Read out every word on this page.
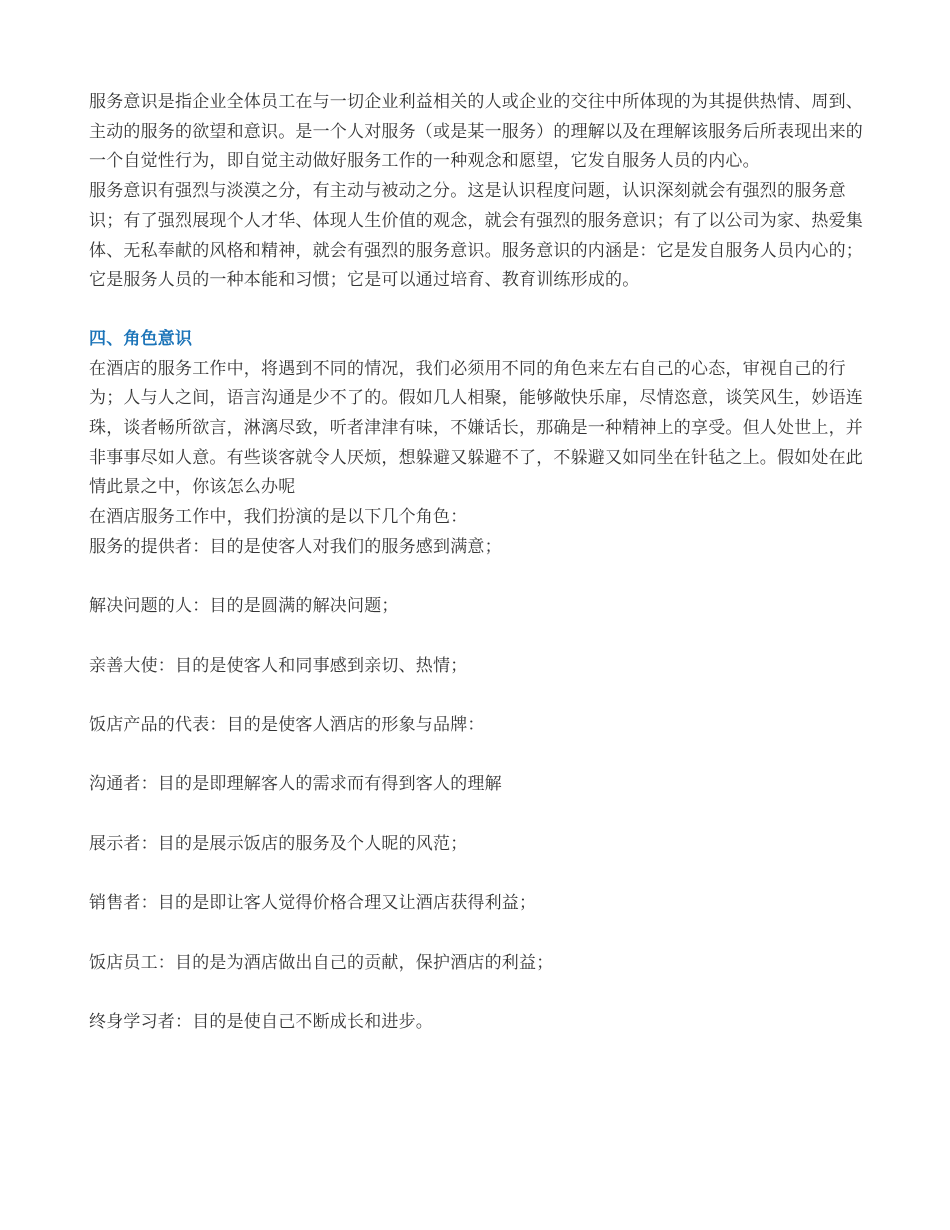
服务意识是指企业全体员工在与一切企业利益相关的人或企业的交往中所体现的为其提供热情、周到、主动的服务的欲望和意识。是一个人对服务（或是某一服务）的理解以及在理解该服务后所表现出来的一个自觉性行为，即自觉主动做好服务工作的一种观念和愿望，它发自服务人员的内心。

服务意识有强烈与淡漠之分，有主动与被动之分。这是认识程度问题，认识深刻就会有强烈的服务意识；有了强烈展现个人才华、体现人生价值的观念，就会有强烈的服务意识；有了以公司为家、热爱集体、无私奉献的风格和精神，就会有强烈的服务意识。服务意识的内涵是：它是发自服务人员内心的；它是服务人员的一种本能和习惯；它是可以通过培育、教育训练形成的。

四、角色意识

在酒店的服务工作中，将遇到不同的情况，我们必须用不同的角色来左右自己的心态，审视自己的行为；人与人之间，语言沟通是少不了的。假如几人相聚，能够敞快乐扉，尽情恣意，谈笑风生，妙语连珠，谈者畅所欲言，淋漓尽致，听者津津有味，不嫌话长，那确是一种精神上的享受。但人处世上，并非事事尽如人意。有些谈客就令人厌烦，想躲避又躲避不了，不躲避又如同坐在针毡之上。假如处在此情此景之中，你该怎么办呢

在酒店服务工作中，我们扮演的是以下几个角色：

服务的提供者：目的是使客人对我们的服务感到满意；

解决问题的人：目的是圆满的解决问题；

亲善大使：目的是使客人和同事感到亲切、热情；

饭店产品的代表：目的是使客人酒店的形象与品牌：

沟通者：目的是即理解客人的需求而有得到客人的理解

展示者：目的是展示饭店的服务及个人昵的风范；

销售者：目的是即让客人觉得价格合理又让酒店获得利益；

饭店员工：目的是为酒店做出自己的贡献，保护酒店的利益；

终身学习者：目的是使自己不断成长和进步。
